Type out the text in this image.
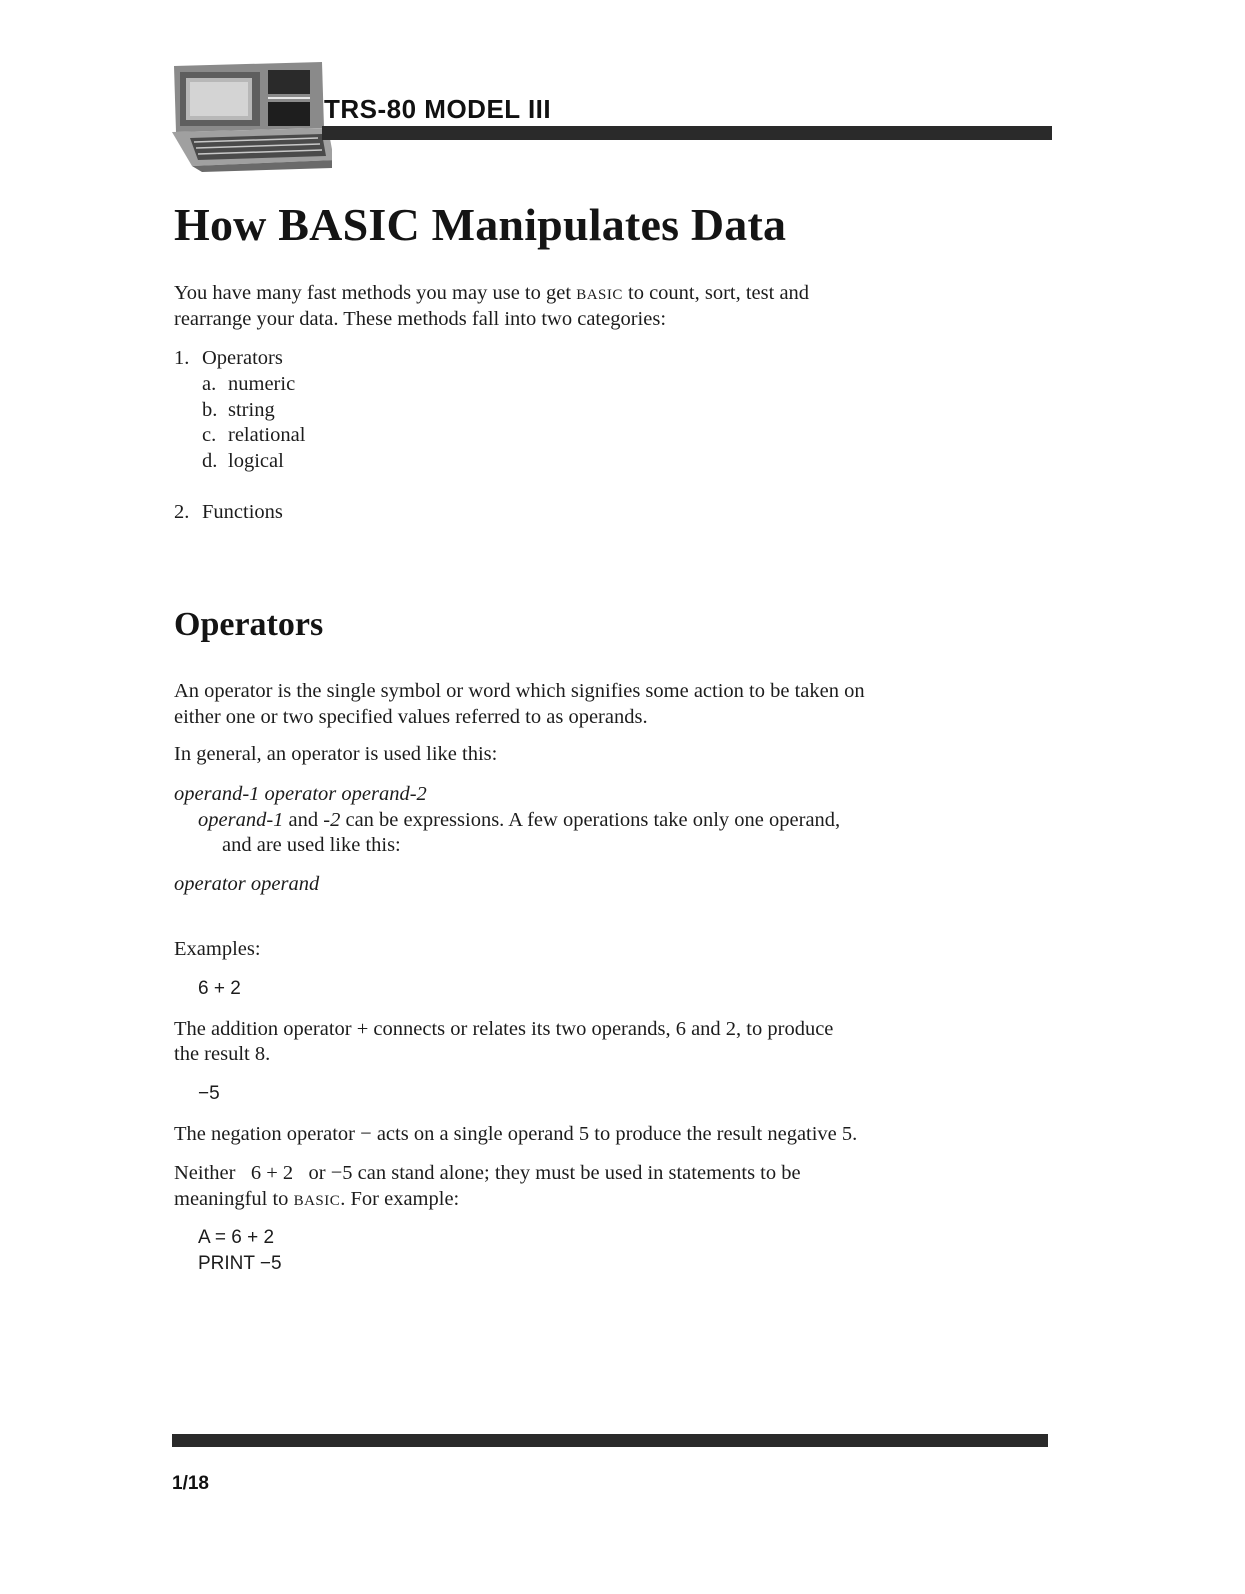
TRS-80 MODEL III
How BASIC Manipulates Data

You have many fast methods you may use to get BASIC to count, sort, test and

rearrange your data. These methods fall into two categories:

1. Operators

a. numeric

b. string

c. relational

d. logical

2. Functions

Operators

An operator is the single symbol or word which signifies some action to be taken on

either one or two specified values referred to as operands.

In general, an operator is used like this:

operand-1 operator operand-2

operand-1 and -2 can be expressions. A few operations take only one operand,

and are used like this:

operator operand

Examples:

6 + 2

The addition operator + connects or relates its two operands, 6 and 2, to produce

the result 8.

−5

The negation operator − acts on a single operand 5 to produce the result negative 5.

Neither   6 + 2   or −5 can stand alone; they must be used in statements to be

meaningful to BASIC. For example:

A = 6 + 2

PRINT −5

1/18
